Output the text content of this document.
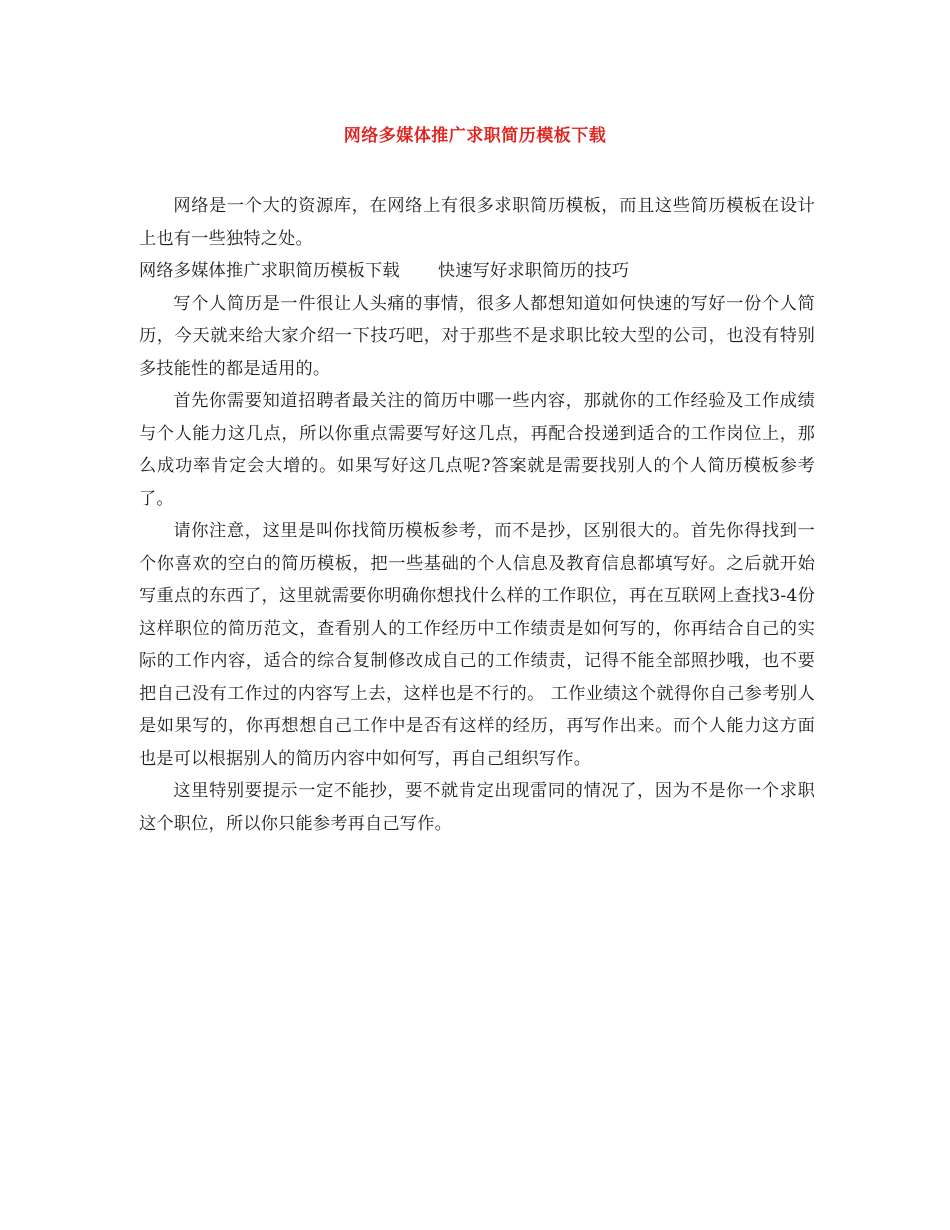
网络多媒体推广求职简历模板下载

网络是一个大的资源库，在网络上有很多求职简历模板，而且这些简历模板在设计上也有一些独特之处。

网络多媒体推广求职简历模板下载 快速写好求职简历的技巧

写个人简历是一件很让人头痛的事情，很多人都想知道如何快速的写好一份个人简历，今天就来给大家介绍一下技巧吧，对于那些不是求职比较大型的公司，也没有特别多技能性的都是适用的。

首先你需要知道招聘者最关注的简历中哪一些内容，那就你的工作经验及工作成绩与个人能力这几点，所以你重点需要写好这几点，再配合投递到适合的工作岗位上，那么成功率肯定会大增的。如果写好这几点呢?答案就是需要找别人的个人简历模板参考了。

请你注意，这里是叫你找简历模板参考，而不是抄，区别很大的。首先你得找到一个你喜欢的空白的简历模板，把一些基础的个人信息及教育信息都填写好。之后就开始写重点的东西了，这里就需要你明确你想找什么样的工作职位，再在互联网上查找3-4份这样职位的简历范文，查看别人的工作经历中工作绩责是如何写的，你再结合自己的实际的工作内容，适合的综合复制修改成自己的工作绩责，记得不能全部照抄哦，也不要把自己没有工作过的内容写上去，这样也是不行的。 工作业绩这个就得你自己参考别人是如果写的，你再想想自己工作中是否有这样的经历，再写作出来。而个人能力这方面也是可以根据别人的简历内容中如何写，再自己组织写作。

这里特别要提示一定不能抄，要不就肯定出现雷同的情况了，因为不是你一个求职这个职位，所以你只能参考再自己写作。
